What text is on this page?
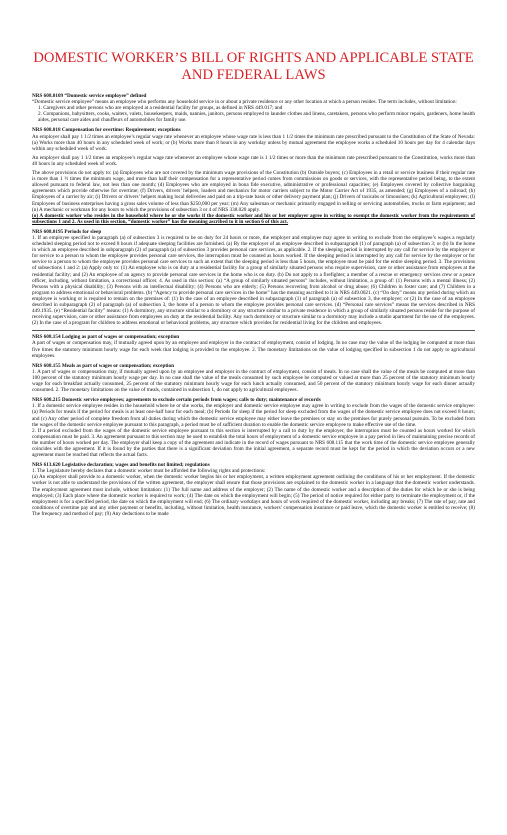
DOMESTIC WORKER’S BILL OF RIGHTS AND APPLICABLE STATE
AND FEDERAL LAWS

NRS 608.0109 “Domestic service employee” defined

“Domestic service employee” means an employee who performs any household service in or about a private residence or any other location at which a person resides. The term includes, without limitation:

1. Caregivers and other persons who are employed at a residential facility for groups, as defined in NRS 449.017; and

2. Companions, babysitters, cooks, waiters, valets, housekeepers, maids, nannies, janitors, persons employed to launder clothes and linens, caretakers, persons who perform minor repairs, gardeners, home health aides, personal care aides and chauffeurs of automobiles for family use.

NRS 608.018 Compensation for overtime: Requirement; exceptions

An employer shall pay 1 1/2 times an employee’s regular wage rate whenever an employee whose wage rate is less than 1 1/2 times the minimum rate prescribed pursuant to the Constitution of the State of Nevada: (a) Works more than 40 hours in any scheduled week of work; or (b) Works more than 8 hours in any workday unless by mutual agreement the employee works a scheduled 10 hours per day for 4 calendar days within any scheduled week of work.

An employer shall pay 1 1/2 times an employee’s regular wage rate whenever an employee whose wage rate is 1 1/2 times or more than the minimum rate prescribed pursuant to the Constitution, works more than 40 hours in any scheduled week of work.

The above provisions do not apply to: (a) Employees who are not covered by the minimum wage provisions of the Constitution (b) Outside buyers; (c) Employees in a retail or service business if their regular rate is more than 1 ½ times the minimum wage, and more than half their compensation for a representative period comes from commissions on goods or services, with the representative period being, to the extent allowed pursuant to federal law, not less than one month; (d) Employees who are employed in bona fide executive, administrative or professional capacities; (e) Employees covered by collective bargaining agreements which provide otherwise for overtime; (f) Drivers, drivers’ helpers, loaders and mechanics for motor carriers subject to the Motor Carrier Act of 1935, as amended; (g) Employees of a railroad; (h) Employees of a carrier by air; (i) Drivers or drivers’ helpers making local deliveries and paid on a trip-rate basis or other delivery payment plan; (j) Drivers of taxicabs or limousines; (k) Agricultural employees; (l) Employees of business enterprises having a gross sales volume of less than $250,000 per year; (m) Any salesman or mechanic primarily engaged in selling or servicing automobiles, trucks or farm equipment; and (n) A mechanic or workman for any hours to which the provisions of subsection 3 or 4 of NRS 338.020 apply.

(o) A domestic worker who resides in the household where he or she works if the domestic worker and his or her employer agree in writing to exempt the domestic worker from the requirements of subsections 1 and 2. As used in this section, “domestic worker” has the meaning ascribed to it in section 6 of this act.

NRS 608.0195 Periods for sleep

1. If an employee specified in paragraph (a) of subsection 3 is required to be on duty for 24 hours or more, the employer and employee may agree in writing to exclude from the employee’s wages a regularly scheduled sleeping period not to exceed 8 hours if adequate sleeping facilities are furnished. (a) By the employer of an employee described in subparagraph (1) of paragraph (a) of subsection 3; or (b) In the home in which an employee described in subparagraph (2) of paragraph (a) of subsection 3 provides personal care services, as applicable. 2. If the sleeping period is interrupted by any call for service by the employer or for service to a person to whom the employee provides personal care services, the interruption must be counted as hours worked. If the sleeping period is interrupted by any call for service by the employer or for service to a person to whom the employee provides personal care services to such an extent that the sleeping period is less than 5 hours, the employee must be paid for the entire sleeping period. 3. The provisions of subsections 1 and 2: (a) Apply only to: (1) An employee who is on duty at a residential facility for a group of similarly situated persons who require supervision, care or other assistance from employees at the residential facility; and (2) An employee of an agency to provide personal care services in the home who is on duty. (b) Do not apply to a firefighter, a member of a rescue or emergency services crew or a peace officer, including, without limitation, a correctional officer. 4. As used in this section: (a) “A group of similarly situated persons” includes, without limitation, a group of: (1) Persons with a mental illness; (2) Persons with a physical disability; (3) Persons with an intellectual disability; (4) Persons who are elderly; (5) Persons recovering from alcohol or drug abuse; (6) Children in foster care; and (7) Children in a program to address emotional or behavioral problems. (b) “Agency to provide personal care services in the home” has the meaning ascribed to it in NRS 449.0021. (c) “On duty” means any period during which an employee is working or is required to remain on the premises of: (1) In the case of an employee described in subparagraph (1) of paragraph (a) of subsection 3, the employer; or (2) In the case of an employee described in subparagraph (2) of paragraph (a) of subsection 3, the home of a person to whom the employee provides personal care services. (d) “Personal care services” means the services described in NRS 449.1935. (e) “Residential facility” means: (1) A dormitory, any structure similar to a dormitory or any structure similar to a private residence in which a group of similarly situated persons reside for the purpose of receiving supervision, care or other assistance from employees on duty at the residential facility. Any such dormitory or structure similar to a dormitory may include a studio apartment for the use of the employees. (2) In the case of a program for children to address emotional or behavioral problems, any structure which provides for residential living for the children and employees.

NRS 608.154 Lodging as part of wages or compensation; exception

A part of wages or compensation may, if mutually agreed upon by an employee and employer in the contract of employment, consist of lodging. In no case may the value of the lodging be computed at more than five times the statutory minimum hourly wage for each week that lodging is provided to the employee. 2. The monetary limitations on the value of lodging specified in subsection 1 do not apply to agricultural employees.

NRS 608.155 Meals as part of wages or compensation; exception

1. A part of wages or compensation may, if mutually agreed upon by an employee and employer in the contract of employment, consist of meals. In no case shall the value of the meals be computed at more than 100 percent of the statutory minimum hourly wage per day. In no case shall the value of the meals consumed by such employee be computed or valued at more than 25 percent of the statutory minimum hourly wage for each breakfast actually consumed, 25 percent of the statutory minimum hourly wage for each lunch actually consumed, and 50 percent of the statutory minimum hourly wage for each dinner actually consumed. 2. The monetary limitations on the value of meals, contained in subsection 1, do not apply to agricultural employees.

NRS 608.215 Domestic service employees; agreements to exclude certain periods from wages; calls to duty; maintenance of records

1. If a domestic service employee resides in the household where he or she works, the employer and domestic service employee may agree in writing to exclude from the wages of the domestic service employee: (a) Periods for meals if the period for meals is at least one-half hour for each meal; (b) Periods for sleep if the period for sleep excluded from the wages of the domestic service employee does not exceed 8 hours; and (c) Any other period of complete freedom from all duties during which the domestic service employee may either leave the premises or stay on the premises for purely personal pursuits. To be excluded from the wages of the domestic service employee pursuant to this paragraph, a period must be of sufficient duration to enable the domestic service employee to make effective use of the time.

2. If a period excluded from the wages of the domestic service employee pursuant to this section is interrupted by a call to duty by the employer, the interruption must be counted as hours worked for which compensation must be paid. 3. An agreement pursuant to this section may be used to establish the total hours of employment of a domestic service employee in a pay period in lieu of maintaining precise records of the number of hours worked per day. The employer shall keep a copy of the agreement and indicate in the record of wages pursuant to NRS 608.115 that the work time of the domestic service employee generally coincides with the agreement. If it is found by the parties that there is a significant deviation from the initial agreement, a separate record must be kept for the period in which the deviation occurs or a new agreement must be reached that reflects the actual facts.

NRS 613.620 Legislative declaration; wages and benefits not limited; regulations

1. The Legislature hereby declares that a domestic worker must be afforded the following rights and protections:

(a) An employer shall provide to a domestic worker, when the domestic worker begins his or her employment, a written employment agreement outlining the conditions of his or her employment. If the domestic worker is not able to understand the provisions of the written agreement, the employer shall ensure that those provisions are explained to the domestic worker in a language that the domestic worker understands. The employment agreement must include, without limitation: (1) The full name and address of the employer; (2) The name of the domestic worker and a description of the duties for which he or she is being employed; (3) Each place where the domestic worker is required to work; (4) The date on which the employment will begin; (5) The period of notice required for either party to terminate the employment or, if the employment is for a specified period, the date on which the employment will end; (6) The ordinary workdays and hours of work required of the domestic worker, including any breaks; (7) The rate of pay, rate and conditions of overtime pay and any other payment or benefits, including, without limitation, health insurance, workers’ compensation insurance or paid leave, which the domestic worker is entitled to receive; (8) The frequency and method of pay; (9) Any deductions to be made
